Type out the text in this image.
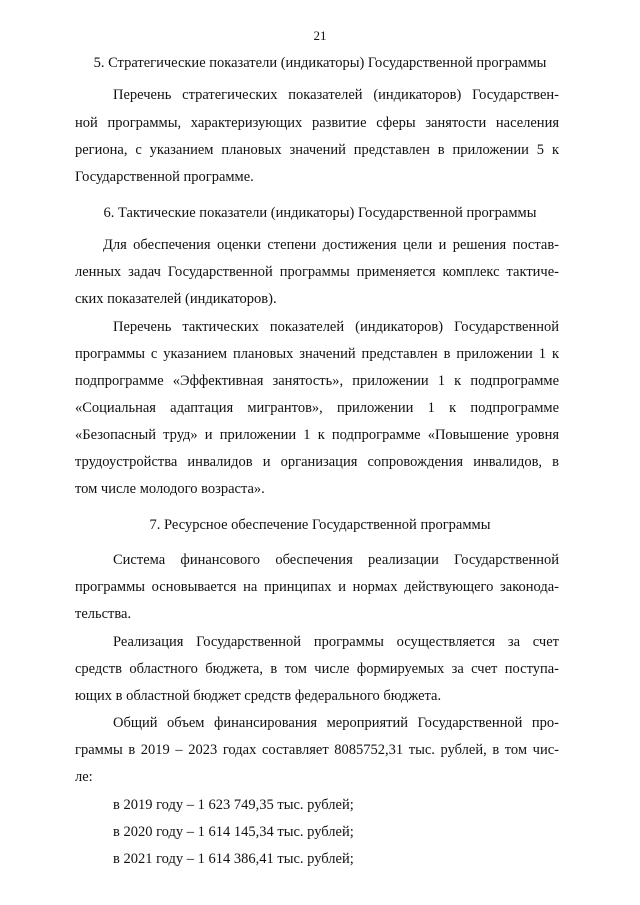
21
5. Стратегические показатели (индикаторы) Государственной программы
Перечень стратегических показателей (индикаторов) Государствен-
ной программы, характеризующих развитие сферы занятости населения
региона, с указанием плановых значений представлен в приложении 5 к
Государственной программе.
6. Тактические показатели (индикаторы) Государственной программы
Для обеспечения оценки степени достижения цели и решения постав-
ленных задач Государственной программы применяется комплекс тактиче-
ских показателей (индикаторов).
Перечень тактических показателей (индикаторов) Государственной
программы с указанием плановых значений представлен в приложении 1 к
подпрограмме «Эффективная занятость», приложении 1 к подпрограмме
«Социальная адаптация мигрантов», приложении 1 к подпрограмме
«Безопасный труд» и приложении 1 к подпрограмме «Повышение уровня
трудоустройства инвалидов и организация сопровождения инвалидов, в
том числе молодого возраста».
7. Ресурсное обеспечение Государственной программы
Система финансового обеспечения реализации Государственной
программы основывается на принципах и нормах действующего законода-
тельства.
Реализация Государственной программы осуществляется за счет
средств областного бюджета, в том числе формируемых за счет поступа-
ющих в областной бюджет средств федерального бюджета.
Общий объем финансирования мероприятий Государственной про-
граммы в 2019 – 2023 годах составляет 8085752,31 тыс. рублей, в том чис-
ле:
в 2019 году – 1 623 749,35 тыс. рублей;
в 2020 году – 1 614 145,34 тыс. рублей;
в 2021 году – 1 614 386,41 тыс. рублей;
